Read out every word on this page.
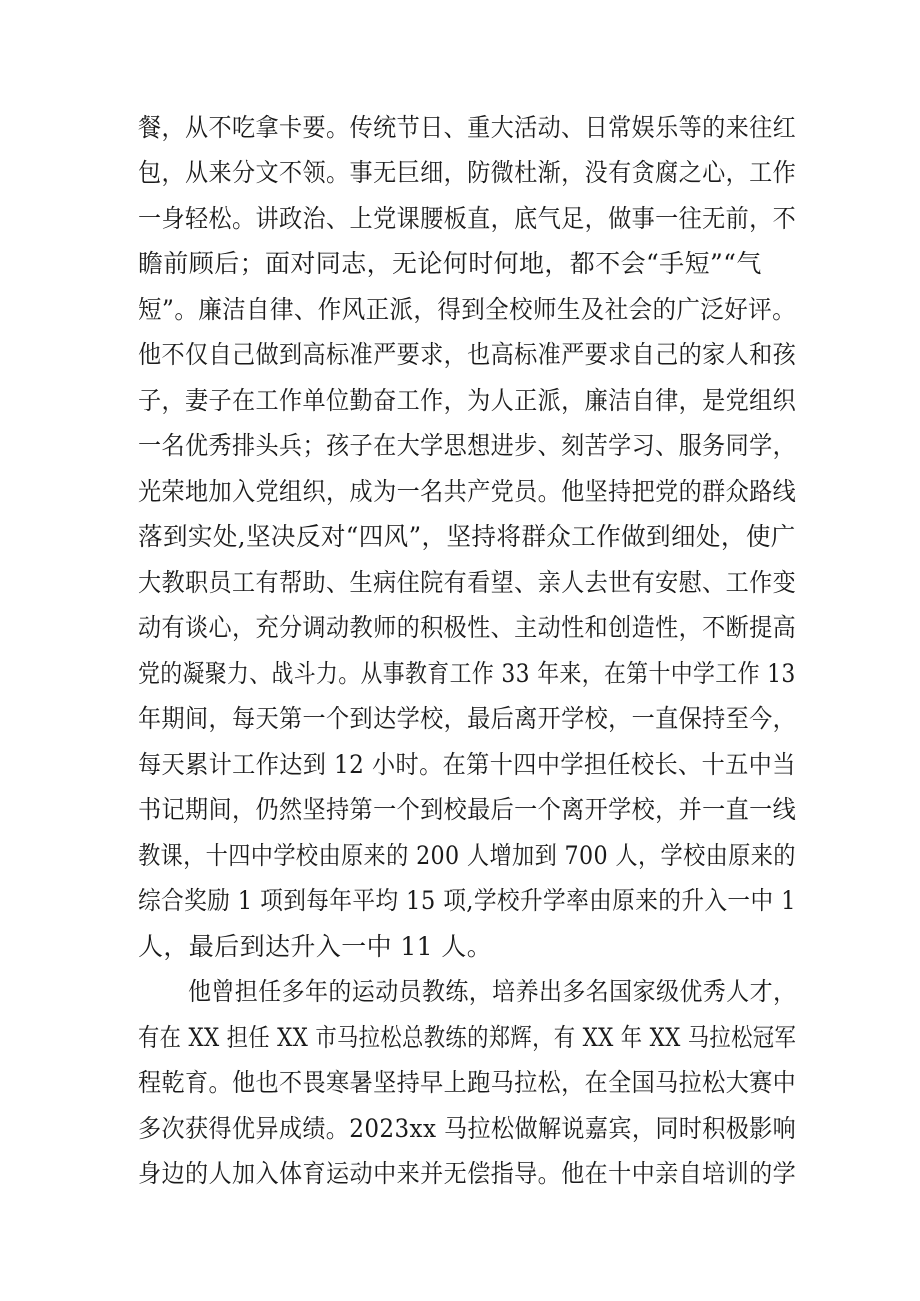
餐，从不吃拿卡要。传统节日、重大活动、日常娱乐等的来往红
包，从来分文不领。事无巨细，防微杜渐，没有贪腐之心，工作
一身轻松。讲政治、上党课腰板直，底气足，做事一往无前，不
瞻前顾后；面对同志，无论何时何地，都不会“手短”“气
短”。廉洁自律、作风正派，得到全校师生及社会的广泛好评。
他不仅自己做到高标准严要求，也高标准严要求自己的家人和孩
子，妻子在工作单位勤奋工作，为人正派，廉洁自律，是党组织
一名优秀排头兵；孩子在大学思想进步、刻苦学习、服务同学，
光荣地加入党组织，成为一名共产党员。他坚持把党的群众路线
落到实处,坚决反对“四风”，坚持将群众工作做到细处，使广
大教职员工有帮助、生病住院有看望、亲人去世有安慰、工作变
动有谈心，充分调动教师的积极性、主动性和创造性，不断提高
党的凝聚力、战斗力。从事教育工作 33 年来，在第十中学工作 13
年期间，每天第一个到达学校，最后离开学校，一直保持至今，
每天累计工作达到 12 小时。在第十四中学担任校长、十五中当
书记期间，仍然坚持第一个到校最后一个离开学校，并一直一线
教课，十四中学校由原来的 200 人增加到 700 人，学校由原来的
综合奖励 1 项到每年平均 15 项,学校升学率由原来的升入一中 1
人，最后到达升入一中 11 人。
他曾担任多年的运动员教练，培养出多名国家级优秀人才，
有在 XX 担任 XX 市马拉松总教练的郑辉，有 XX 年 XX 马拉松冠军
程乾育。他也不畏寒暑坚持早上跑马拉松，在全国马拉松大赛中
多次获得优异成绩。2023xx 马拉松做解说嘉宾，同时积极影响
身边的人加入体育运动中来并无偿指导。他在十中亲自培训的学
